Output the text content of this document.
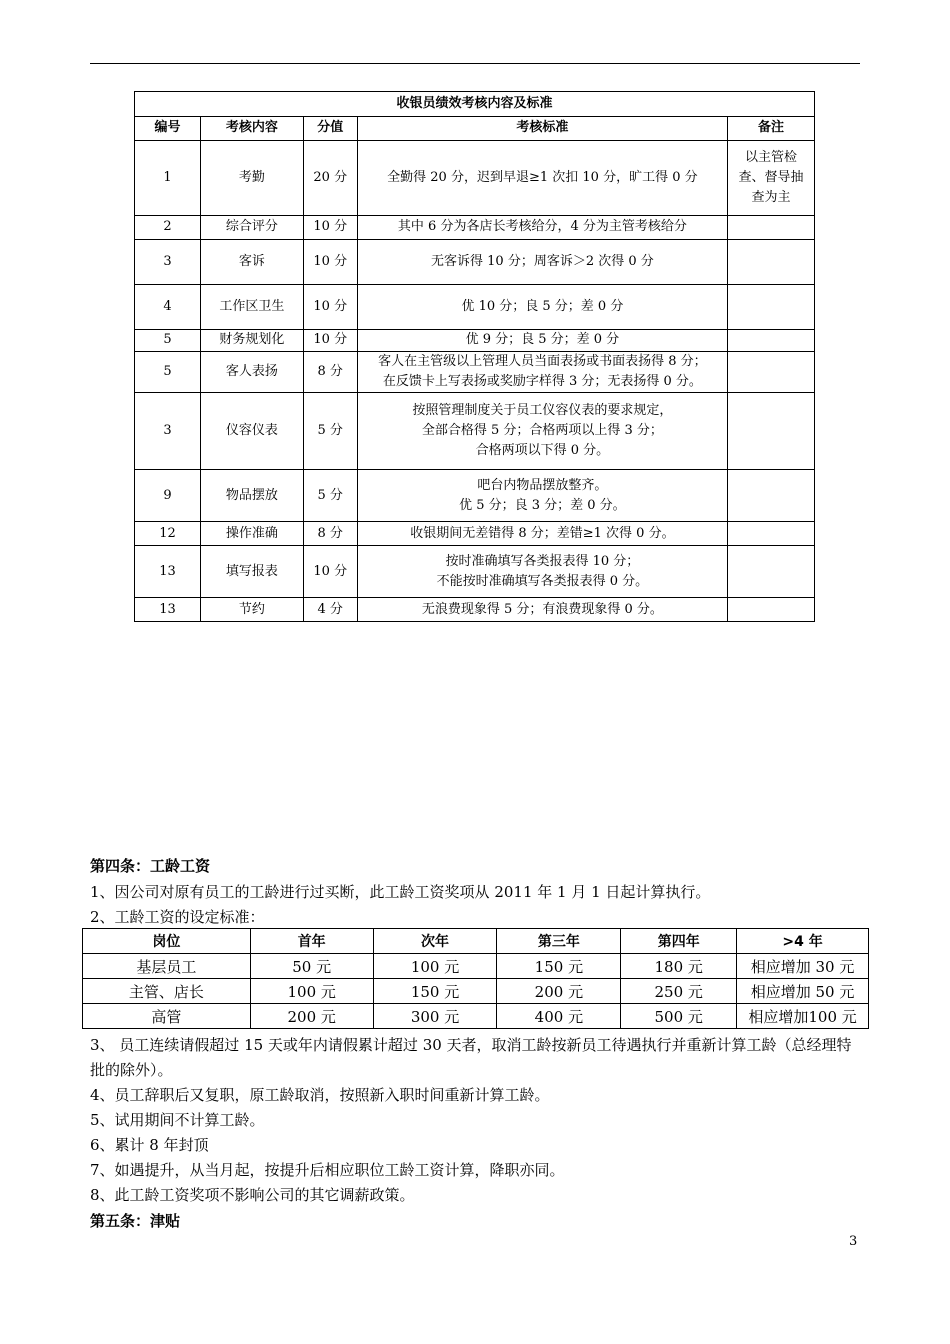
收银员绩效考核内容及标准				
编号	考核内容	分值	考核标准	备注
1	考勤	20 分	全勤得 20 分，迟到早退≥1 次扣 10 分，旷工得 0 分	以主管检
查、督导抽
查为主

2	综合评分	10 分	其中 6 分为各店长考核给分，4 分为主管考核给分	

3	客诉	10 分	无客诉得 10 分；周客诉＞2 次得 0 分	

4	工作区卫生	10 分	优 10 分；良 5 分；差 0 分	

5	财务规划化	10 分	优 9 分；良 5 分；差 0 分	

5	客人表扬	8 分	客人在主管级以上管理人员当面表扬或书面表扬得 8 分；
在反馈卡上写表扬或奖励字样得 3 分；无表扬得 0 分。	

3	仪容仪表	5 分	按照管理制度关于员工仪容仪表的要求规定，
全部合格得 5 分；合格两项以上得 3 分；
合格两项以下得 0 分。	

9	物品摆放	5 分	吧台内物品摆放整齐。
优 5 分；良 3 分；差 0 分。	

12	操作准确	8 分	收银期间无差错得 8 分；差错≥1 次得 0 分。	

13	填写报表	10 分	按时准确填写各类报表得 10 分；
不能按时准确填写各类报表得 0 分。	

13	节约	4 分	无浪费现象得 5 分；有浪费现象得 0 分。	

第四条：工龄工资
1、因公司对原有员工的工龄进行过买断，此工龄工资奖项从 2011 年 1 月 1 日起计算执行。
2、工龄工资的设定标准：
岗位	首年	次年	第三年	第四年	>4 年
基层员工	50 元	100 元	150 元	180 元	相应增加 30 元
主管、店长	100 元	150 元	200 元	250 元	相应增加 50 元
高管	200 元	300 元	400 元	500 元	相应增加100 元
3、 员工连续请假超过 15 天或年内请假累计超过 30 天者，取消工龄按新员工待遇执行并重新计算工龄（总经理特批的除外）。
4、员工辞职后又复职，原工龄取消，按照新入职时间重新计算工龄。
5、试用期间不计算工龄。
6、累计 8 年封顶
7、如遇提升，从当月起，按提升后相应职位工龄工资计算，降职亦同。
8、此工龄工资奖项不影响公司的其它调薪政策。
第五条：津贴
3
